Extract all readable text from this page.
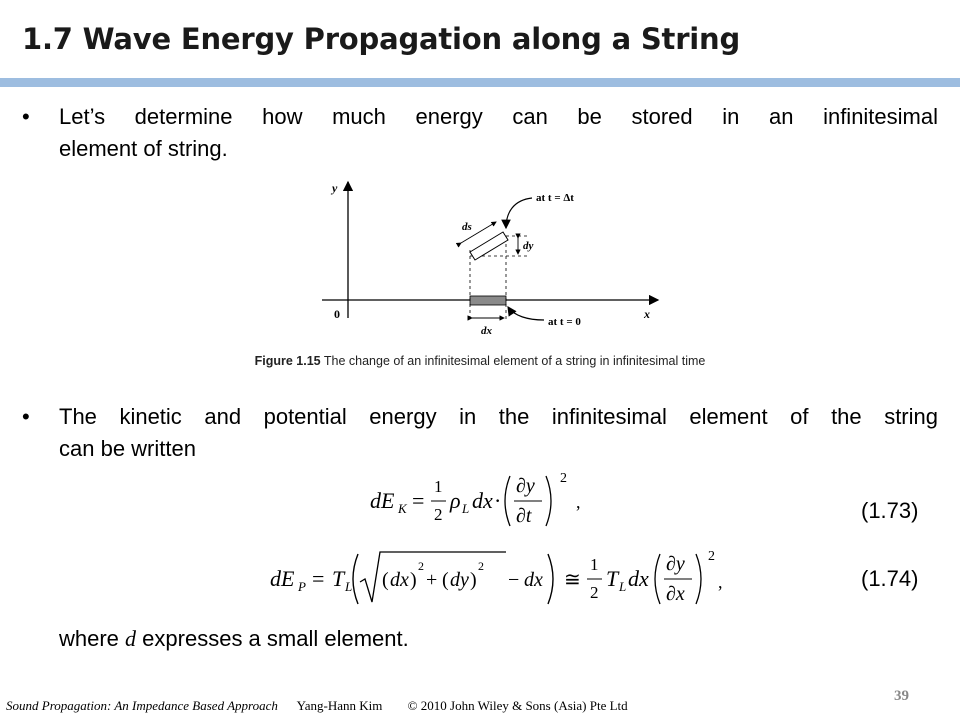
1.7 Wave Energy Propagation along a String
•	Let’s determine how much energy can be stored in an infinitesimal
element of string.
y
x
0
ds
dy
dx
at t = Δt
at t = 0
Figure 1.15 The change of an infinitesimal element of a string in infinitesimal time
•	The kinetic and potential energy in the infinitesimal element of the string
can be written
dE K =
1
2
ρ L dx ·
∂y
∂t
2
,	(1.73)
dE P = T L ( dx )
2
+ ( dy )
2
− dx ≅
1
2
T L dx
∂y
∂x
2
,	(1.74)
where d expresses a small element.
Sound Propagation: An Impedance Based Approach Yang-Hann Kim © 2010 John Wiley & Sons (Asia) Pte Ltd
39
